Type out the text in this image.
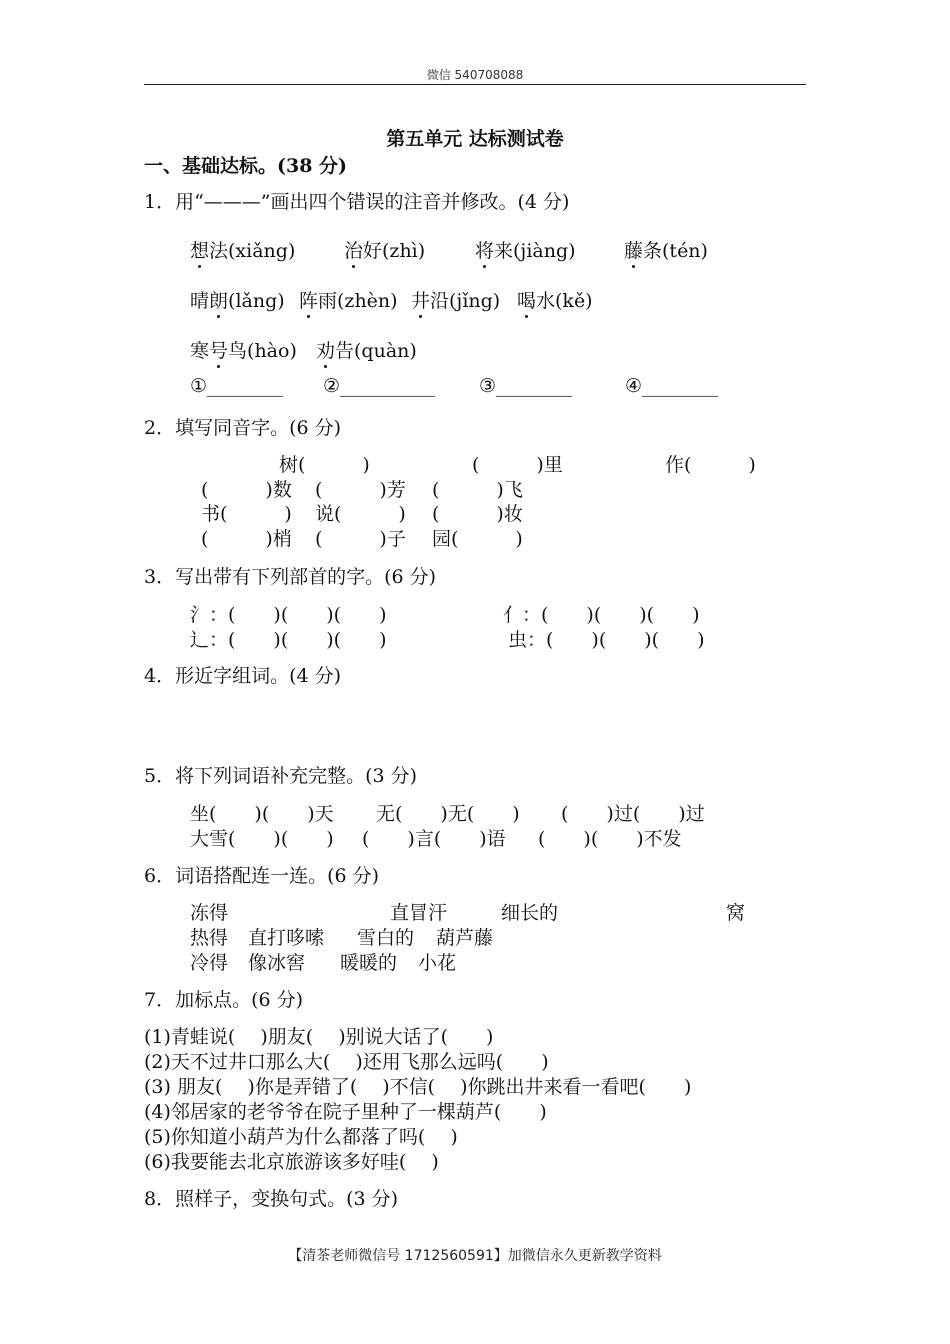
微信 540708088
第五单元 达标测试卷
一、基础达标。(38 分)
1．用“———”画出四个错误的注音并修改。(4 分)
想法(xiǎng)	治好(zhì)	将来(jiàng)	藤条(tén)
晴朗(lǎng) 阵雨(zhèn) 井沿(jǐng) 喝水(kě)
寒号鸟(hào) 劝告(quàn)
①________ ②__________ ③________	④________
2．填写同音字。(6 分)
树(　　　)	(　　　)里	作(　　　)
(　　　)数 (　　　)芳 (　　　)飞
书(　　　) 说(　　　) (　　　)妆
(　　　)梢 (　　　)子 园(　　　)
3．写出带有下列部首的字。(6 分)
氵：(　　)(　　)(　　)	亻：(　　)(　　)(　　)
辶：(　　)(　　)(　　)	虫：(　　)(　　)(　　)
4．形近字组词。(4 分)
5．将下列词语补充完整。(3 分)
坐(　　)(　　)天 无(　　)无(　　) (　　)过(　　)过
大雪(　　)(　　) (　　)言(　　)语 (　　)(　　)不发
6．词语搭配连一连。(6 分)
冻得	直冒汗	细长的	窝
热得 直打哆嗦 雪白的 葫芦藤
冷得 像冰窖 暖暖的 小花
7．加标点。(6 分)
(1)青蛙说(　 )朋友(　 )别说大话了(　　)
(2)天不过井口那么大(　 )还用飞那么远吗(　　)
(3) 朋友(　 )你是弄错了(　 )不信(　 )你跳出井来看一看吧(　　)
(4)邻居家的老爷爷在院子里种了一棵葫芦(　　)
(5)你知道小葫芦为什么都落了吗(　 )
(6)我要能去北京旅游该多好哇(　 )
8．照样子，变换句式。(3 分)
【清茶老师微信号 1712560591】加微信永久更新教学资料
